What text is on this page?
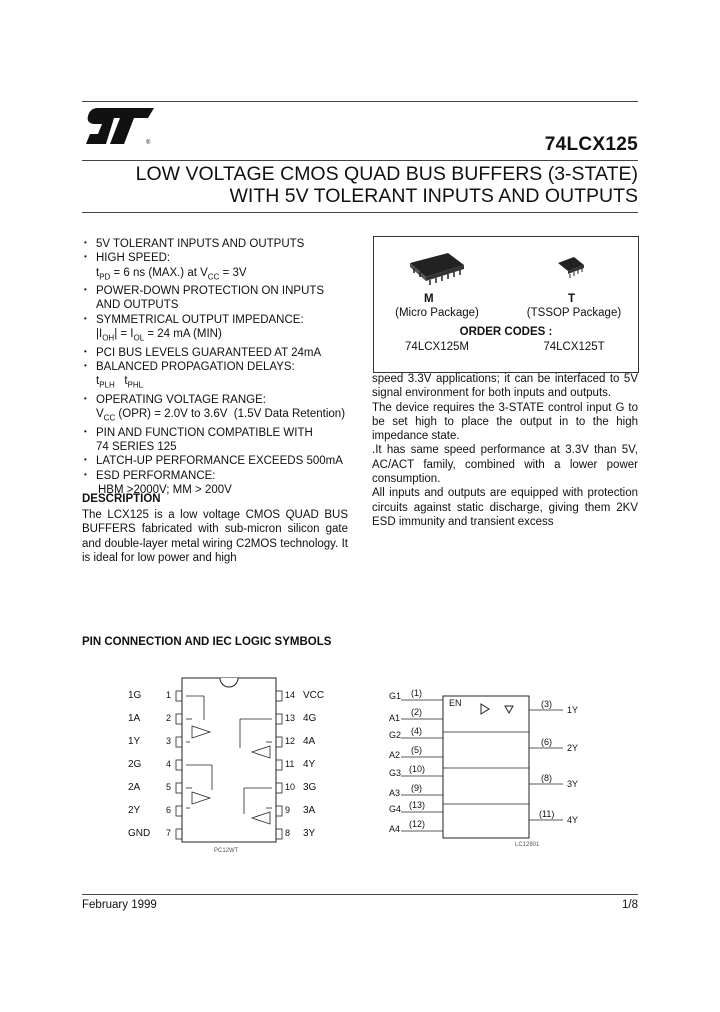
®	74LCX125
LOW VOLTAGE CMOS QUAD BUS BUFFERS (3-STATE)
WITH 5V TOLERANT INPUTS AND OUTPUTS
• 5V TOLERANT INPUTS AND OUTPUTS
• HIGH SPEED:
$t_{PD} = 6$ ns (MAX.) at $V_{CC} = 3V$
• POWER-DOWN PROTECTION ON INPUTS
AND OUTPUTS
• SYMMETRICAL OUTPUT IMPEDANCE:
$|I_{OH}| = I_{OL} = 24$ mA (MIN)
• PCI BUS LEVELS GUARANTEED AT 24mA
• BALANCED PROPAGATION DELAYS:
$t_{PLH}$   $t_{PHL}$
• OPERATING VOLTAGE RANGE:
$V_{CC}$ (OPR) = 2.0V to 3.6V  (1.5V Data Retention)
• PIN AND FUNCTION COMPATIBLE WITH
74 SERIES 125
• LATCH-UP PERFORMANCE EXCEEDS 500mA
• ESD PERFORMANCE:
HBM >2000V; MM > 200V
M
(Micro Package)
T
(TSSOP Package)
ORDER CODES :
74LCX125M	74LCX125T
DESCRIPTION
The LCX125 is a low voltage CMOS QUAD BUS BUFFERS fabricated with sub-micron silicon gate and double-layer metal wiring C2MOS technology. It is ideal for low power and high

speed 3.3V applications; it can be interfaced to 5V signal environment for both inputs and outputs.

The device requires the 3-STATE control input G to be set high to place the output in to the high impedance state.

.It has same speed performance at 3.3V than 5V, AC/ACT family, combined with a lower power consumption.

All inputs and outputs are equipped with protection circuits against static discharge, giving them 2KV ESD immunity and transient excess

PIN CONNECTION AND IEC LOGIC SYMBOLS
1G
1A
1Y
2G
2A
2Y
GND
1
2
3
4
5
6
7
14
13
12
11
10
9
8
VCC
4G
4A
4Y
3G
3A
3Y
PC12WT
EN
G1
A1
G2
A2
G3
A3
G4
A4
(1)
(2)
(4)
(5)
(10)
(9)
(13)
(12)
(3)
(6)
(8)
(11)
1Y
2Y
3Y
4Y
LC12801
February 1999	1/8
